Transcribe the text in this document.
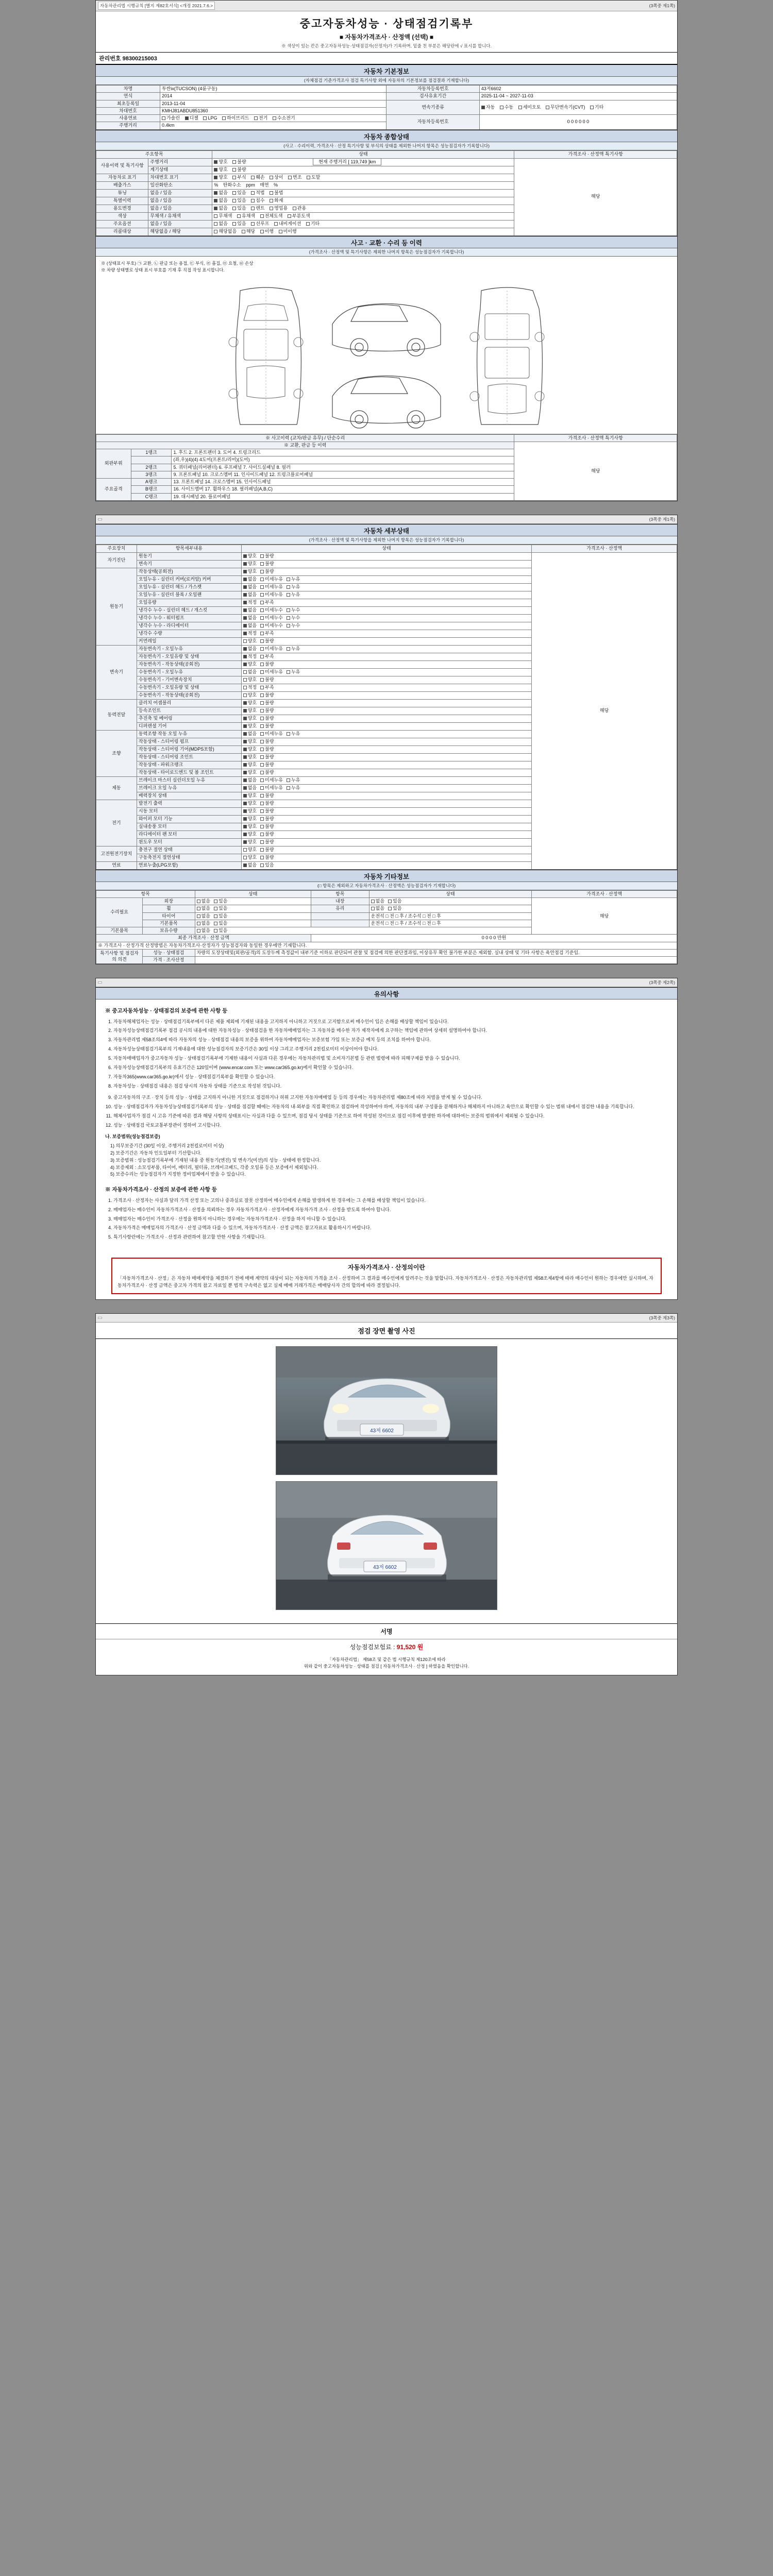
자동차관리법 시행규칙 [별지 제82호서식] <개정 2021.7.6.>	(3쪽중 제1쪽)
중고자동차성능 · 상태점검기록부
■ 자동차가격조사 · 산정액 (선택) ■
※ 색상이 있는 칸은 중고자동차성능·상태점검자(산정자)가 기록하며, 밑줄 친 부분은 해당란에 √ 표시를 합니다.
관리번호 98300215003
자동차 기본정보
(자체점검 기준가격조사 점검 특기사항 외에 자동차의 기본정보를 점검결과 기재합니다)
차명	투싼ix(TUCSON) (4륜구동)	자동차등록번호	43저6602
연식	2014	검사유효기간	2025-11-04 ~ 2027-11-03
최초등록일	2013-11-04	변속기종류	자동 수동 세미오토 무단변속기(CVT) 기타
차대번호	KMHJ81ABDU851360		
사용연료	가솔린 디젤 LPG 하이브리드 전기 수소전기	자동차등록번호	0 0 0 0 0 0
주행거리	0.4km		
자동차 종합상태
(사고 · 수리이력, 가격조사 · 산정 특기사항 및 부식의 상태를 제외한 나머지 항목은 성능점검자가 기록합니다)
주요항목		상태	가격조사 · 산정액 특기사항
사용이력 및 특기사항	주행거리	양호 불량 현재 주행거리 [ 119,749 ]km	해당
	계기상태	양호 불량	
자동차로 표기	차대번호 표기	양호 부식 훼손 상이 변조 도말	
배출가스	일산화탄소	% 탄화수소 ppm 매연 %	
튜닝	없음 / 있음	없음 있음 적법 불법	
특별이력	없음 / 있음	없음 있음 침수 화재	
용도변경	없음 / 있음	없음 있음 렌트 영업용 관용	
색상	무채색 / 유채색	무채색 유채색 전체도색 부분도색	
주요옵션	없음 / 있음	없음 있음 선루프 내비게이션 기타	
리콜대상	해당없음 / 해당	해당없음 해당 이행 미이행	
사고 · 교환 · 수리 등 이력
(가격조사 · 산정액 및 특기사항은 제외한 나머지 항목은 성능점검자가 기록합니다)
※ (상태표시 부호) ㉠ 교환, ㉡ 판금 또는 용접, ㉢ 부식, ㉣ 흠집, ㉤ 요철, ㉥ 손상
※ 차량 상태별로 상태 표시 부호를 기재 후 직접 작성 표시합니다.
※ 사고이력 (교차/판금 유무) / 단순수리			가격조사 · 산정액 특기사항
※ 교환, 판금 등 이력			해당
외판부위	1랭크	1. 후드 2. 프론트팬더 3. 도어 4. 트렁크리드	
		(좌,우)(4)(4) 4도어(프론트/리어)(도어)	
	2랭크	5. 쿼터패널(리어펜더) 6. 루프패널 7. 사이드실패널 8. 필러	
	3랭크	9. 프론트패널 10. 크로스멤버 11. 인사이드패널 12. 트렁크플로어패널	
주요골격	A랭크	13. 프론트패널 14. 크로스멤버 15. 인사이드패널	
	B랭크	16. 사이드멤버 17. 휠하우스 18. 필러패널(A,B,C)	
	C랭크	19. 대시패널 20. 플로어패널	
(3쪽중 제1쪽)
자동차 세부상태
(가격조사 · 산정액 및 특기사항을 제외한 나머지 항목은 성능점검자가 기록합니다)
주요장치	항목세부내용	상태	가격조사 · 산정액
자기진단	원동기	양호 불량	해당
	변속기	양호 불량	
원동기	작동상태(공회전)	양호 불량	
	오일누유 - 실린더 커버(로커암) 커버	없음 미세누유 누유	
	오일누유 - 실린더 헤드 / 가스켓	없음 미세누유 누유	
	오일누유 - 실린더 블록 / 오일팬	없음 미세누유 누유	
	오일유량	적정 부족	
	냉각수 누수 - 실린더 헤드 / 개스킷	없음 미세누수 누수	
	냉각수 누수 - 워터펌프	없음 미세누수 누수	
	냉각수 누수 - 라디에이터	없음 미세누수 누수	
	냉각수 수량	적정 부족	
	커먼레일	양호 불량	
변속기	자동변속기 - 오일누유	없음 미세누유 누유	
	자동변속기 - 오일유량 및 상태	적정 부족	
	자동변속기 - 작동상태(공회전)	양호 불량	
	수동변속기 - 오일누유	없음 미세누유 누유	
	수동변속기 - 기어변속장치	양호 불량	
	수동변속기 - 오일유량 및 상태	적정 부족	
	수동변속기 - 작동상태(공회전)	양호 불량	
동력전달	클러치 어셈블리	양호 불량	
	등속조인트	양호 불량	
	추진축 및 베어링	양호 불량	
	디퍼렌셜 기어	양호 불량	
조향	동력조향 작동 오일 누유	없음 미세누유 누유	
	작동상태 - 스티어링 펌프	양호 불량	
	작동상태 - 스티어링 기어(MDPS포함)	양호 불량	
	작동상태 - 스티어링 조인트	양호 불량	
	작동상태 - 파워크랭크	양호 불량	
	작동상태 - 타이로드엔드 및 볼 조인트	양호 불량	
제동	브레이크 마스터 실린더오일 누유	없음 미세누유 누유	
	브레이크 오일 누유	없음 미세누유 누유	
	배력장치 상태	양호 불량	
전기	발전기 출력	양호 불량	
	시동 모터	양호 불량	
	와이퍼 모터 기능	양호 불량	
	실내송풍 모터	양호 불량	
	라디에이터 팬 모터	양호 불량	
	윈도우 모터	양호 불량	
고전원전기장치	충전구 절연 상태	양호 불량	
	구동축전지 절연상태	양호 불량	
연료	연료누출(LPG포함)	없음 있음	
자동차 기타정보
(□ 항목은 제외하고 자동차가격조사 · 산정액은 성능점검자가 기재합니다)
항목		상태	항목	상태	가격조사 · 산정액
수리필요	외장	없음 있음	내장	없음 있음	해당
	휠	없음 있음	유리	없음 있음	
	타이어	없음 있음		운전석 □ 전 □ 후 / 조수석 □ 전 □ 후	
	기본품목	없음 있음		운전석 □ 전 □ 후 / 조수석 □ 전 □ 후	
기본품목	보유수량	없음 있음			
최종 가격조사 · 산정 금액			0 0 0 0 만원		
※ 가격조사 · 산정가격 산정방법은 자동차가격조사·산정자가 성능점검자와 동일한 경우에만 기재합니다.					
특기사항 및 점검자의 의견	성능 · 상태점검	차량의 도장상태및(외판/골격)의 도장두께 측정값이 내부기준 이하로 판단되어 관찰 및 점검에 의한 판단결과임, 이상유무 확인 불가한 부분은 제외함. 실내 상태 및 기타 사항은 육안점검 기준임.			
	가격 · 조사산정				
(3쪽중 제2쪽)
유의사항
※ 중고자동차성능 · 상태점검의 보증에 관한 사항 등
1. 자동차해체업자는 성능 · 상태점검기록부에서 다른 제품 제외에 기재된 내용을 고지하지 아니하고 거짓으로 고지함으로써 매수인이 입은 손해를 배상할 책임이 있습니다.
2. 자동차성능상태점검기록부 점검 공시의 내용에 대한 자동차성능 · 상태점검을 한 자동차매매업자는 그 자동차를 매수한 자가 제작자에게 요구하는 책임에 관하여 상세히 설명하여야 합니다.
3. 자동차관리법 제58조의4에 따라 자동차의 성능 · 상태점검 내용의 보증을 위하여 자동차매매업자는 보증보험 가입 또는 보증금 예치 등의 조치를 하여야 합니다.
4. 자동차성능상태점검기록부의 기재내용에 대한 성능점검자의 보증기간은 30일 이상 그리고 주행거리 2천킬로미터 이상이어야 합니다.
5. 자동차매매업자가 중고자동차 성능 · 상태점검기록부에 기재한 내용이 사실과 다른 경우에는 자동차관리법 및 소비자기본법 등 관련 법령에 따라 피해구제를 받을 수 있습니다.
6. 자동차성능상태점검기록부의 유효기간은 120일이며 (www.encar.com 또는 www.car365.go.kr)에서 확인할 수 있습니다.
7. 자동차365(www.car365.go.kr)에서 성능 · 상태점검기록부를 확인할 수 있습니다.
8. 자동차성능 · 상태점검 내용은 점검 당시의 자동차 상태를 기준으로 작성된 것입니다.
9. 중고자동차의 구조 · 장치 등의 성능 · 상태를 고지하지 아니한 거짓으로 점검하거나 허위 고지한 자동차매매업 등 등의 경우에는 자동차관리법 제80조에 따라 처벌을 받게 될 수 있습니다.
10. 성능 · 상태점검자가 자동차성능상태점검기록부의 성능 · 상태를 점검할 때에는 자동차의 내·외부를 직접 확인하고 점검하여 작성하여야 하며, 자동차의 내부 구성품을 분해하거나 해체하지 아니하고 육안으로 확인할 수 있는 범위 내에서 점검한 내용을 기록합니다.
11. 해체사업자가 점검 시 고유 기준에 따른 결과 해당 사항의 상태표시는 사실과 다를 수 있으며, 점검 당시 상태를 기준으로 하여 작성된 것이므로 점검 이후에 발생한 하자에 대하여는 보증의 범위에서 제외될 수 있습니다.
12. 성능 · 상태점검 국토교통부장관이 정하여 고시합니다.
나. 보증범위(성능점검보증)
1) 의무보증기간 (30일 이상, 주행거리 2천킬로미터 이상)
2) 보증기간은 자동차 인도일부터 기산합니다.
3) 보증범위 : 성능점검기록부에 기재된 내용 중 원동기(엔진) 및 변속기(미션)의 성능 · 상태에 한정합니다.
4) 보증제외 : 소모성부품, 타이어, 배터리, 필터류, 브레이크패드, 각종 오일류 등은 보증에서 제외됩니다.
5) 보증수리는 성능점검자가 지정한 정비업체에서 받을 수 있습니다.
※ 자동차가격조사 · 산정의 보증에 관한 사항 등
1. 가격조사 · 산정자는 사실과 달리 가격 산정 또는 고의나 중과실로 잘못 산정하여 매수인에게 손해를 발생하게 한 경우에는 그 손해를 배상할 책임이 있습니다.
2. 매매업자는 매수인이 자동차가격조사 · 산정을 의뢰하는 경우 자동차가격조사 · 산정자에게 자동차가격 조사 · 산정을 받도록 하여야 합니다.
3. 매매업자는 매수인이 가격조사 · 산정을 원하지 아니하는 경우에는 자동차가격조사 · 산정을 하지 아니할 수 있습니다.
4. 자동차가격은 매매업자의 가격조사 · 산정 금액과 다를 수 있으며, 자동차가격조사 · 산정 금액은 참고자료로 활용하시기 바랍니다.
5. 특기사항란에는 가격조사 · 산정과 관련하여 참고할 만한 사항을 기재합니다.
자동차가격조사 · 산정의이란
「자동차가격조사 · 산정」은 자동차 매매계약을 체결하기 전에 매매 계약의 대상이 되는 자동차의 가격을 조사 · 산정하여 그 결과를 매수인에게 알려주는 것을 말합니다. 자동차가격조사 · 산정은 자동차관리법 제58조제4항에 따라 매수인이 원하는 경우에만 실시하며, 자동차가격조사 · 산정 금액은 중고차 가격의 참고 자료일 뿐 법적 구속력은 없고 실제 매매 거래가격은 매매당사자 간의 합의에 따라 결정됩니다.
(3쪽중 제3쪽)
점검 장면 촬영 사진
43저 6602
43저 6602
서명
성능점검보험료 : 91,520 원
「자동차관리법」 제58조 및 같은 법 시행규칙 제120조에 따라
위와 같이 중고자동차성능 · 상태를 점검 [ 자동차가격조사 · 산정 ] 하였음을 확인합니다.
